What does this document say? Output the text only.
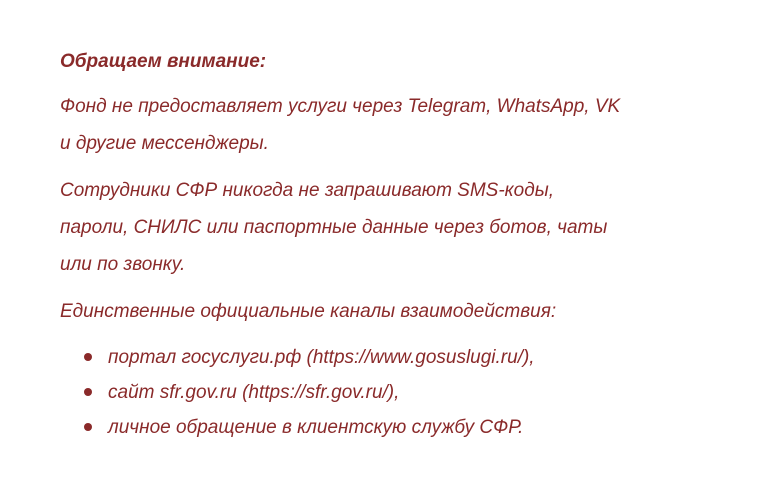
Обращаем внимание:
Фонд не предоставляет услуги через Telegram, WhatsApp, VK
и другие мессенджеры.
Сотрудники СФР никогда не запрашивают SMS-коды,
пароли, СНИЛС или паспортные данные через ботов, чаты
или по звонку.
Единственные официальные каналы взаимодействия:
портал госуслуги.рф (https://www.gosuslugi.ru/),
сайт sfr.gov.ru (https://sfr.gov.ru/),
личное обращение в клиентскую службу СФР.
